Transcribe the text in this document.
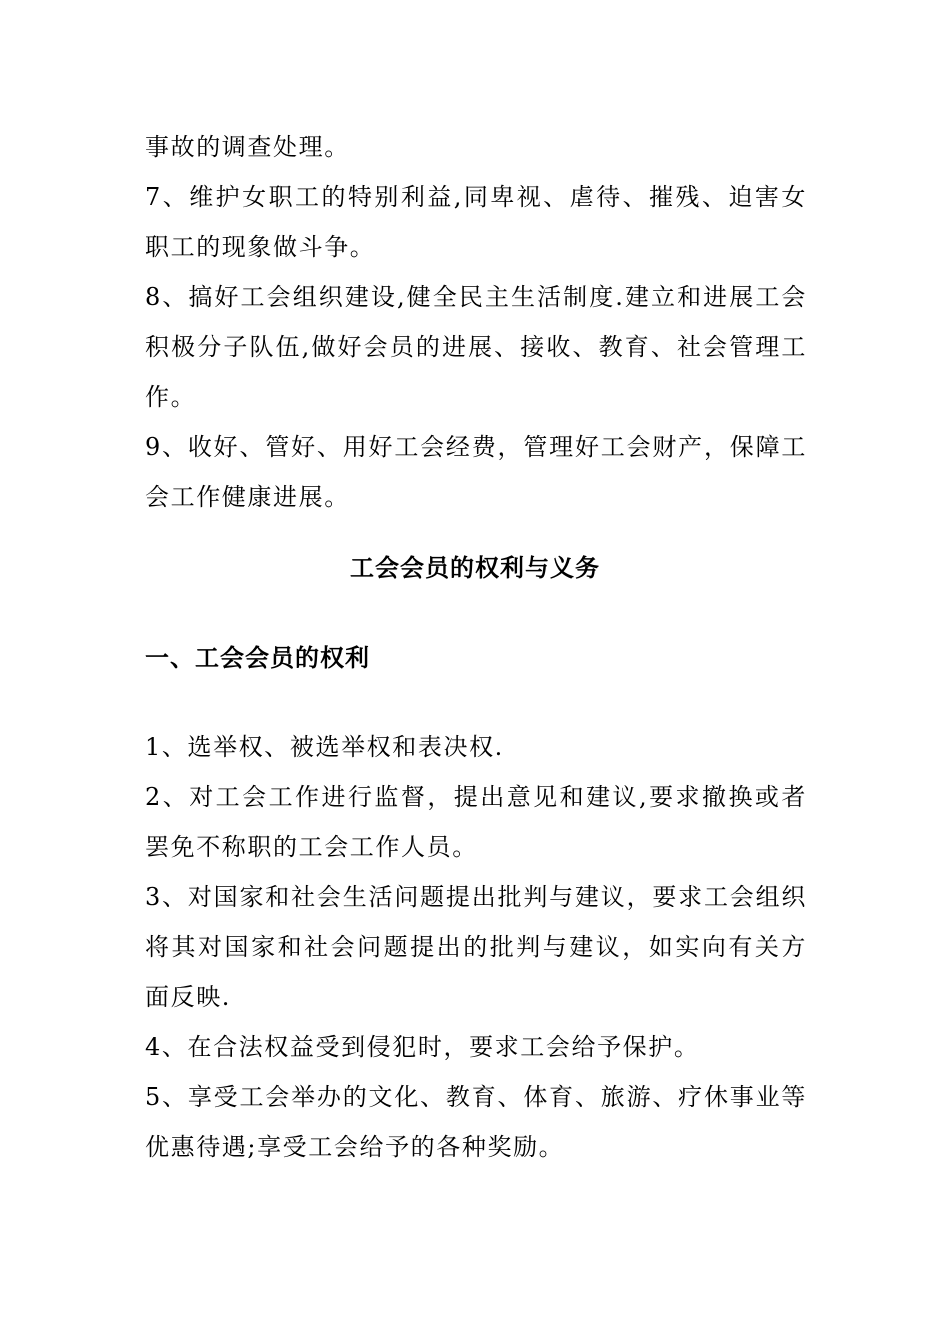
事故的调查处理。

7、维护女职工的特别利益,同卑视、虐待、摧残、迫害女职工的现象做斗争。

8、搞好工会组织建设,健全民主生活制度.建立和进展工会积极分子队伍,做好会员的进展、接收、教育、社会管理工作。

9、收好、管好、用好工会经费，管理好工会财产，保障工会工作健康进展。

工会会员的权利与义务
一、工会会员的权利

1、选举权、被选举权和表决权.

2、对工会工作进行监督，提出意见和建议,要求撤换或者罢免不称职的工会工作人员。

3、对国家和社会生活问题提出批判与建议，要求工会组织将其对国家和社会问题提出的批判与建议，如实向有关方面反映.

4、在合法权益受到侵犯时，要求工会给予保护。

5、享受工会举办的文化、教育、体育、旅游、疗休事业等优惠待遇;享受工会给予的各种奖励。
